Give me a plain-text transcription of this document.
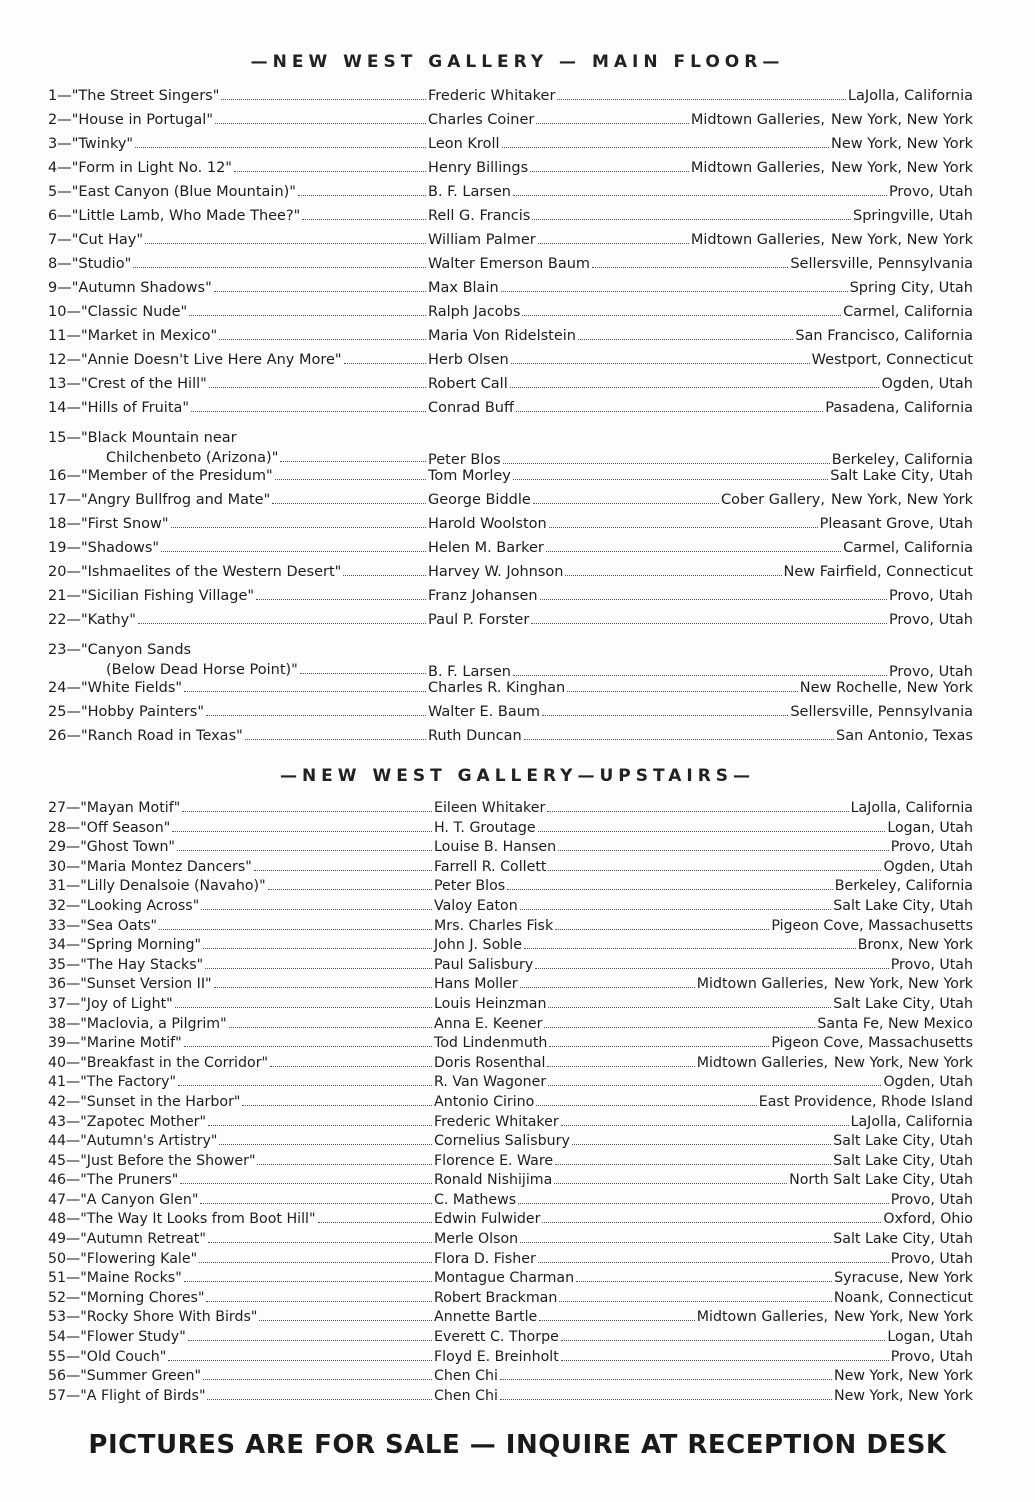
—NEW WEST GALLERY — MAIN FLOOR—
1— "The Street Singers"	Frederic Whitaker	LaJolla, California
2— "House in Portugal"	Charles Coiner	Midtown Galleries, New York, New York
3— "Twinky"	Leon Kroll	New York, New York
4— "Form in Light No. 12"	Henry Billings	Midtown Galleries, New York, New York
5— "East Canyon (Blue Mountain)"	B. F. Larsen	Provo, Utah
6— "Little Lamb, Who Made Thee?"	Rell G. Francis	Springville, Utah
7— "Cut Hay"	William Palmer	Midtown Galleries, New York, New York
8— "Studio"	Walter Emerson Baum	Sellersville, Pennsylvania
9— "Autumn Shadows"	Max Blain	Spring City, Utah
10— "Classic Nude"	Ralph Jacobs	Carmel, California
11— "Market in Mexico"	Maria Von Ridelstein	San Francisco, California
12— "Annie Doesn't Live Here Any More"	Herb Olsen	Westport, Connecticut
13— "Crest of the Hill"	Robert Call	Ogden, Utah
14— "Hills of Fruita"	Conrad Buff	Pasadena, California
15—"Black Mountain near
Chilchenbeto (Arizona)"	Peter Blos	Berkeley, California
16— "Member of the Presidum"	Tom Morley	Salt Lake City, Utah
17— "Angry Bullfrog and Mate"	George Biddle	Cober Gallery, New York, New York
18— "First Snow"	Harold Woolston	Pleasant Grove, Utah
19— "Shadows"	Helen M. Barker	Carmel, California
20— "Ishmaelites of the Western Desert"	Harvey W. Johnson	New Fairfield, Connecticut
21— "Sicilian Fishing Village"	Franz Johansen	Provo, Utah
22— "Kathy"	Paul P. Forster	Provo, Utah
23—"Canyon Sands
(Below Dead Horse Point)"	B. F. Larsen	Provo, Utah
24— "White Fields"	Charles R. Kinghan	New Rochelle, New York
25— "Hobby Painters"	Walter E. Baum	Sellersville, Pennsylvania
26— "Ranch Road in Texas"	Ruth Duncan	San Antonio, Texas
—NEW WEST GALLERY—UPSTAIRS—
27— "Mayan Motif"	Eileen Whitaker	LaJolla, California
28— "Off Season"	H. T. Groutage	Logan, Utah
29— "Ghost Town"	Louise B. Hansen	Provo, Utah
30— "Maria Montez Dancers"	Farrell R. Collett	Ogden, Utah
31— "Lilly Denalsoie (Navaho)"	Peter Blos	Berkeley, California
32— "Looking Across"	Valoy Eaton	Salt Lake City, Utah
33— "Sea Oats"	Mrs. Charles Fisk	Pigeon Cove, Massachusetts
34— "Spring Morning"	John J. Soble	Bronx, New York
35— "The Hay Stacks"	Paul Salisbury	Provo, Utah
36— "Sunset Version II"	Hans Moller	Midtown Galleries, New York, New York
37— "Joy of Light"	Louis Heinzman	Salt Lake City, Utah
38— "Maclovia, a Pilgrim"	Anna E. Keener	Santa Fe, New Mexico
39— "Marine Motif"	Tod Lindenmuth	Pigeon Cove, Massachusetts
40— "Breakfast in the Corridor"	Doris Rosenthal	Midtown Galleries, New York, New York
41— "The Factory"	R. Van Wagoner	Ogden, Utah
42— "Sunset in the Harbor"	Antonio Cirino	East Providence, Rhode Island
43— "Zapotec Mother"	Frederic Whitaker	LaJolla, California
44— "Autumn's Artistry"	Cornelius Salisbury	Salt Lake City, Utah
45— "Just Before the Shower"	Florence E. Ware	Salt Lake City, Utah
46— "The Pruners"	Ronald Nishijima	North Salt Lake City, Utah
47— "A Canyon Glen"	C. Mathews	Provo, Utah
48— "The Way It Looks from Boot Hill"	Edwin Fulwider	Oxford, Ohio
49— "Autumn Retreat"	Merle Olson	Salt Lake City, Utah
50— "Flowering Kale"	Flora D. Fisher	Provo, Utah
51— "Maine Rocks"	Montague Charman	Syracuse, New York
52— "Morning Chores"	Robert Brackman	Noank, Connecticut
53— "Rocky Shore With Birds"	Annette Bartle	Midtown Galleries, New York, New York
54— "Flower Study"	Everett C. Thorpe	Logan, Utah
55— "Old Couch"	Floyd E. Breinholt	Provo, Utah
56— "Summer Green"	Chen Chi	New York, New York
57— "A Flight of Birds"	Chen Chi	New York, New York
PICTURES ARE FOR SALE — INQUIRE AT RECEPTION DESK
